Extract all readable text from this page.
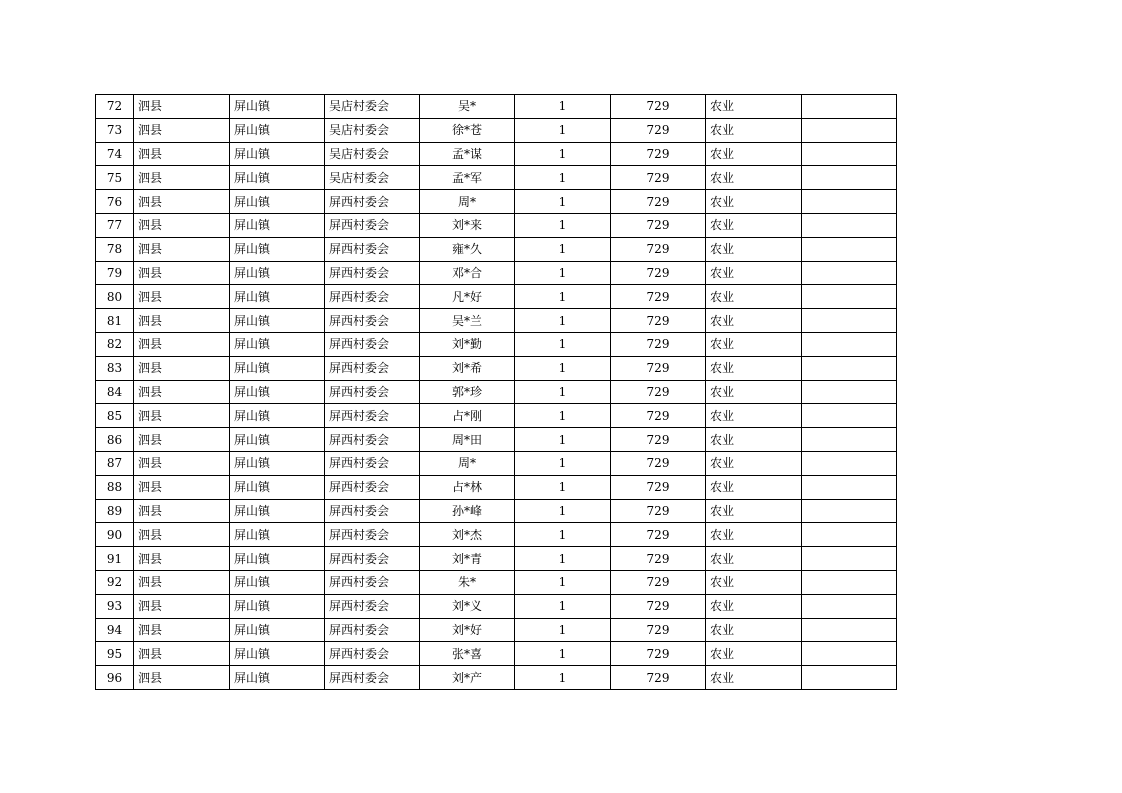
72	泗县	屏山镇	吴店村委会	吴*	1	729	农业	
73	泗县	屏山镇	吴店村委会	徐*苍	1	729	农业	
74	泗县	屏山镇	吴店村委会	孟*谋	1	729	农业	
75	泗县	屏山镇	吴店村委会	孟*军	1	729	农业	
76	泗县	屏山镇	屏西村委会	周*	1	729	农业	
77	泗县	屏山镇	屏西村委会	刘*来	1	729	农业	
78	泗县	屏山镇	屏西村委会	雍*久	1	729	农业	
79	泗县	屏山镇	屏西村委会	邓*合	1	729	农业	
80	泗县	屏山镇	屏西村委会	凡*好	1	729	农业	
81	泗县	屏山镇	屏西村委会	吴*兰	1	729	农业	
82	泗县	屏山镇	屏西村委会	刘*勤	1	729	农业	
83	泗县	屏山镇	屏西村委会	刘*希	1	729	农业	
84	泗县	屏山镇	屏西村委会	郭*珍	1	729	农业	
85	泗县	屏山镇	屏西村委会	占*刚	1	729	农业	
86	泗县	屏山镇	屏西村委会	周*田	1	729	农业	
87	泗县	屏山镇	屏西村委会	周*	1	729	农业	
88	泗县	屏山镇	屏西村委会	占*林	1	729	农业	
89	泗县	屏山镇	屏西村委会	孙*峰	1	729	农业	
90	泗县	屏山镇	屏西村委会	刘*杰	1	729	农业	
91	泗县	屏山镇	屏西村委会	刘*青	1	729	农业	
92	泗县	屏山镇	屏西村委会	朱*	1	729	农业	
93	泗县	屏山镇	屏西村委会	刘*义	1	729	农业	
94	泗县	屏山镇	屏西村委会	刘*好	1	729	农业	
95	泗县	屏山镇	屏西村委会	张*喜	1	729	农业	
96	泗县	屏山镇	屏西村委会	刘*产	1	729	农业	
